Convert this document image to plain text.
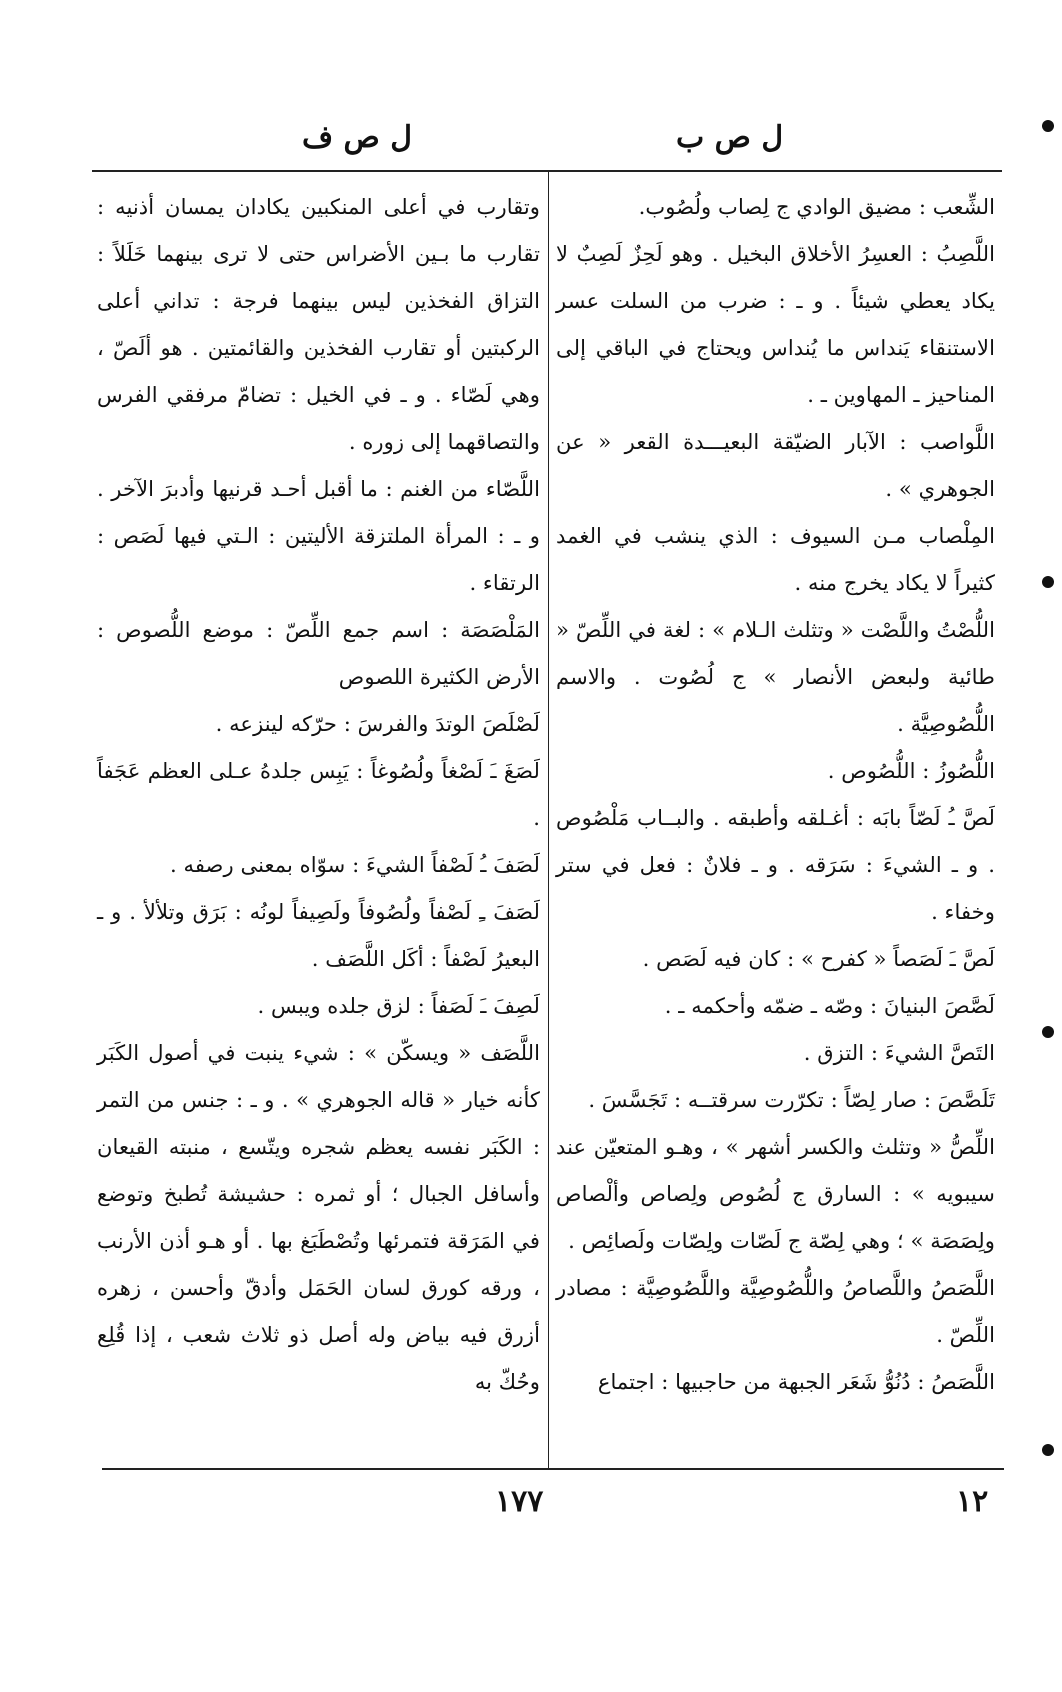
ل ص ب
ل ص ف

الشِّعب : مضيق الوادي ج لِصاب ولُصُوب.

اللَّصِبُ : العسِرُ الأخلاق البخيل . وهو لَحِزٌ لَصِبٌ لا يكاد يعطي شيئاً . و ـ : ضرب من السلت عسر الاستنقاء يَنداس ما يُنداس ويحتاج في الباقي إلى المناحيز ـ المهاوين ـ .

اللَّواصب : الآبار الضيّقة البعيـــدة القعر « عن الجوهري » .

المِلْصاب مـن السيوف : الذي ينشب في الغمد كثيراً لا يكاد يخرج منه .

اللُّصْتُ واللَّصْت « وتثلث الـلام » : لغة في اللِّصّ « طائية ولبعض الأنصار » ج لُصُوت . والاسم اللُّصُوصِيَّة .

اللُّصُوزُ : اللُّصُوص .

لَصَّ ـُ لَصّاً بابَه : أغـلقه وأطبقه . والبــاب مَلْصُوص . و ـ الشيءَ : سَرَقه . و ـ فلانٌ : فعل في ستر وخفاء .

لَصَّ ـَ لَصَصاً « كفرح » : كان فيه لَصَص .

لَصَّصَ البنيانَ : وصّه ـ ضمّه وأحكمه ـ .

التَصَّ الشيءَ : التزق .

تَلَصَّصَ : صار لِصّاً : تكرّرت سرقتــه : تَجَسَّسَ .

اللِّصُّ « وتثلث والكسر أشهر » ، وهـو المتعيّن عند سيبويه » : السارق ج لُصُوص ولِصاص وألْصاص ولِصَصَة » ؛ وهي لِصّة ج لَصّات ولِصّات ولَصائِص .

اللَّصَصُ واللَّصاصُ واللُّصُوصِيَّة واللَّصُوصِيَّة : مصادر اللِّصّ .

اللَّصَصُ : دُنُوُّ شَعَر الجبهة من حاجبيها : اجتماع

وتقارب في أعلى المنكبين يكادان يمسان أذنيه : تقارب ما بـين الأضراس حتى لا ترى بينهما خَلَلاً : التزاق الفخذين ليس بينهما فرجة : تداني أعلى الركبتين أو تقارب الفخذين والقائمتين . هو ألَصّ ، وهي لَصّاء . و ـ في الخيل : تضامّ مرفقي الفرس والتصاقهما إلى زوره .

اللَّصّاء من الغنم : ما أقبل أحـد قرنيها وأدبرَ الآخر . و ـ : المرأة الملتزقة الأليتين : الـتي فيها لَصَص : الرتقاء .

المَلْصَصَة : اسم جمع اللِّصّ : موضع اللُّصوص : الأرض الكثيرة اللصوص

لَصْلَصَ الوتدَ والفرسَ : حرّكه لينزعه .

لَصَغَ ـَ لَصْغاً ولُصُوغاً : يَبِس جلدهُ عـلى العظم عَجَفاً .

لَصَفَ ـُ لَصْفاً الشيءَ : سوّاه بمعنى رصفه .

لَصَفَ ـِ لَصْفاً ولُصُوفاً ولَصِيفاً لونُه : بَرَق وتلألأ . و ـ البعيرُ لَصْفاً : أكَل اللَّصَف .

لَصِفَ ـَ لَصَفاً : لزق جلده ويبس .

اللَّصَف « ويسكّن » : شيء ينبت في أصول الكَبَر كأنه خيار « قاله الجوهري » . و ـ : جنس من التمر : الكَبَر نفسه يعظم شجره ويتّسع ، منبته القيعان وأسافل الجبال ؛ أو ثمره : حشيشة تُطبخ وتوضع في المَرَقة فتمرئها وتُصْطَبَغ بها . أو هـو أذن الأرنب ، ورقه كورق لسان الحَمَل وأدقّ وأحسن ، زهره أزرق فيه بياض وله أصل ذو ثلاث شعب ، إذا قُلِع وحُكّ به

١٧٧	١٢
